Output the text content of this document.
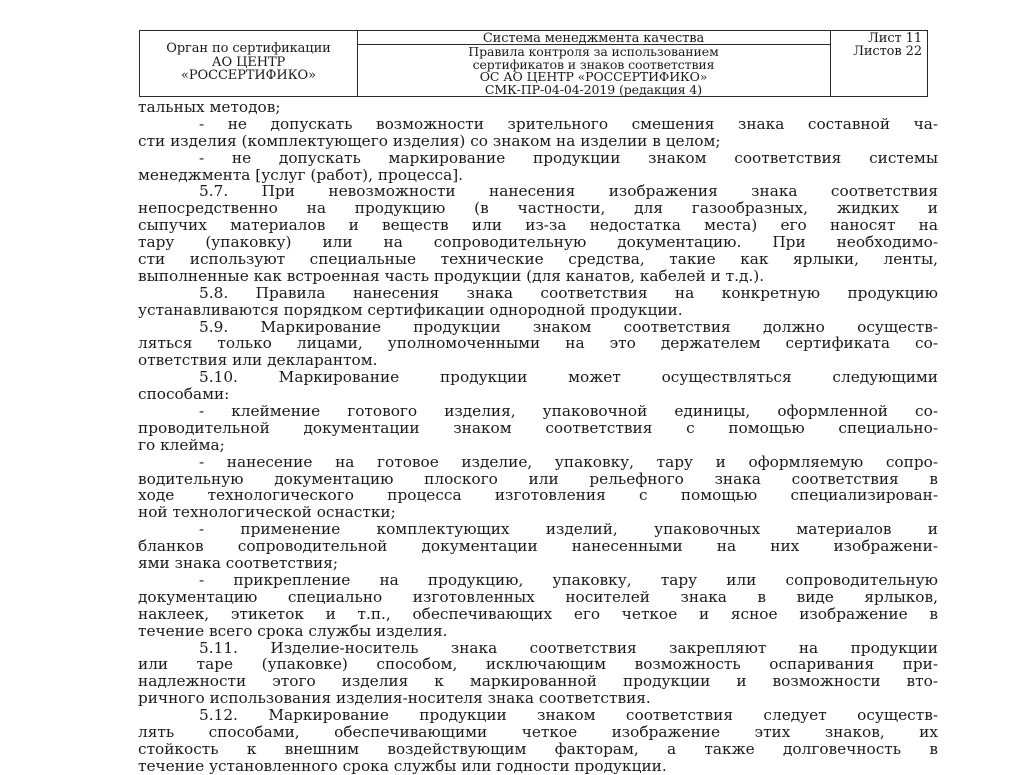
Орган по сертификации
АО ЦЕНТР
«РОССЕРТИФИКО»
Система менеджмента качества
Правила контроля за использованием
сертификатов и знаков соответствия
ОС АО ЦЕНТР «РОССЕРТИФИКО»
СМК-ПР-04-04-2019 (редакция 4)
Лист 11
Листов 22
тальных методов;
- не допускать возможности зрительного смешения знака составной ча-
сти изделия (комплектующего изделия) со знаком на изделии в целом;
- не допускать маркирование продукции знаком соответствия системы
менеджмента [услуг (работ), процесса].
5.7. При невозможности нанесения изображения знака соответствия
непосредственно на продукцию (в частности, для газообразных, жидких и
сыпучих материалов и веществ или из-за недостатка места) его наносят на
тару (упаковку) или на сопроводительную документацию. При необходимо-
сти используют специальные технические средства, такие как ярлыки, ленты,
выполненные как встроенная часть продукции (для канатов, кабелей и т.д.).
5.8. Правила нанесения знака соответствия на конкретную продукцию
устанавливаются порядком сертификации однородной продукции.
5.9. Маркирование продукции знаком соответствия должно осуществ-
ляться только лицами, уполномоченными на это держателем сертификата со-
ответствия или декларантом.
5.10. Маркирование продукции может осуществляться следующими
способами:
- клеймение готового изделия, упаковочной единицы, оформленной со-
проводительной документации знаком соответствия с помощью специально-
го клейма;
- нанесение на готовое изделие, упаковку, тару и оформляемую сопро-
водительную документацию плоского или рельефного знака соответствия в
ходе технологического процесса изготовления с помощью специализирован-
ной технологической оснастки;
- применение комплектующих изделий, упаковочных материалов и
бланков сопроводительной документации нанесенными на них изображени-
ями знака соответствия;
- прикрепление на продукцию, упаковку, тару или сопроводительную
документацию специально изготовленных носителей знака в виде ярлыков,
наклеек, этикеток и т.п., обеспечивающих его четкое и ясное изображение в
течение всего срока службы изделия.
5.11. Изделие-носитель знака соответствия закрепляют на продукции
или таре (упаковке) способом, исключающим возможность оспаривания при-
надлежности этого изделия к маркированной продукции и возможности вто-
ричного использования изделия-носителя знака соответствия.
5.12. Маркирование продукции знаком соответствия следует осуществ-
лять способами, обеспечивающими четкое изображение этих знаков, их
стойкость к внешним воздействующим факторам, а также долговечность в
течение установленного срока службы или годности продукции.
